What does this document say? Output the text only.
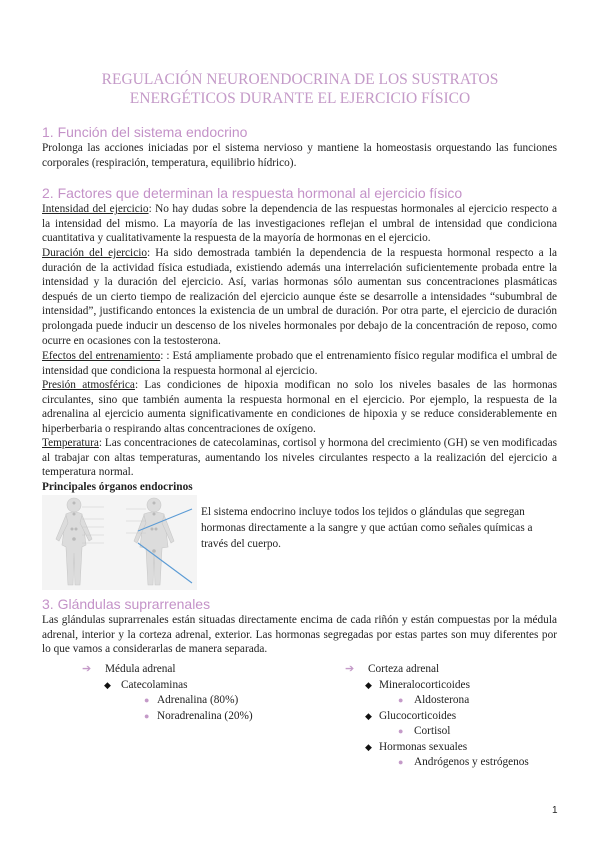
REGULACIÓN NEUROENDOCRINA DE LOS SUSTRATOS
ENERGÉTICOS DURANTE EL EJERCICIO FÍSICO
1. Función del sistema endocrino

Prolonga las acciones iniciadas por el sistema nervioso y mantiene la homeostasis orquestando las funciones corporales (respiración, temperatura, equilibrio hídrico).

2. Factores que determinan la respuesta hormonal al ejercicio físico

Intensidad del ejercicio: No hay dudas sobre la dependencia de las respuestas hormonales al ejercicio respecto a la intensidad del mismo. La mayoría de las investigaciones reflejan el umbral de intensidad que condiciona cuantitativa y cualitativamente la respuesta de la mayoría de hormonas en el ejercicio.

Duración del ejercicio: Ha sido demostrada también la dependencia de la respuesta hormonal respecto a la duración de la actividad física estudiada, existiendo además una interrelación suficientemente probada entre la intensidad y la duración del ejercicio. Así, varias hormonas sólo aumentan sus concentraciones plasmáticas después de un cierto tiempo de realización del ejercicio aunque éste se desarrolle a intensidades “subumbral de intensidad”, justificando entonces la existencia de un umbral de duración. Por otra parte, el ejercicio de duración prolongada puede inducir un descenso de los niveles hormonales por debajo de la concentración de reposo, como ocurre en ocasiones con la testosterona.

Efectos del entrenamiento: : Está ampliamente probado que el entrenamiento físico regular modifica el umbral de intensidad que condiciona la respuesta hormonal al ejercicio.

Presión atmosférica: Las condiciones de hipoxia modifican no solo los niveles basales de las hormonas circulantes, sino que también aumenta la respuesta hormonal en el ejercicio. Por ejemplo, la respuesta de la adrenalina al ejercicio aumenta significativamente en condiciones de hipoxia y se reduce considerablemente en hiperberbaria o respirando altas concentraciones de oxígeno.

Temperatura: Las concentraciones de catecolaminas, cortisol y hormona del crecimiento (GH) se ven modificadas al trabajar con altas temperaturas, aumentando los niveles circulantes respecto a la realización del ejercicio a temperatura normal.

Principales órganos endocrinos
El sistema endocrino incluye todos los tejidos o glándulas que segregan hormonas directamente a la sangre y que actúan como señales químicas a través del cuerpo.
3. Glándulas suprarrenales

Las glándulas suprarrenales están situadas directamente encima de cada riñón y están compuestas por la médula adrenal, interior y la corteza adrenal, exterior. Las hormonas segregadas por estas partes son muy diferentes por lo que vamos a considerarlas de manera separada.

➔ Médula adrenal
◆ Catecolaminas
● Adrenalina (80%)
● Noradrenalina (20%)
➔ Corteza adrenal
◆ Mineralocorticoides
● Aldosterona
◆ Glucocorticoides
● Cortisol
◆ Hormonas sexuales
● Andrógenos y estrógenos
1
